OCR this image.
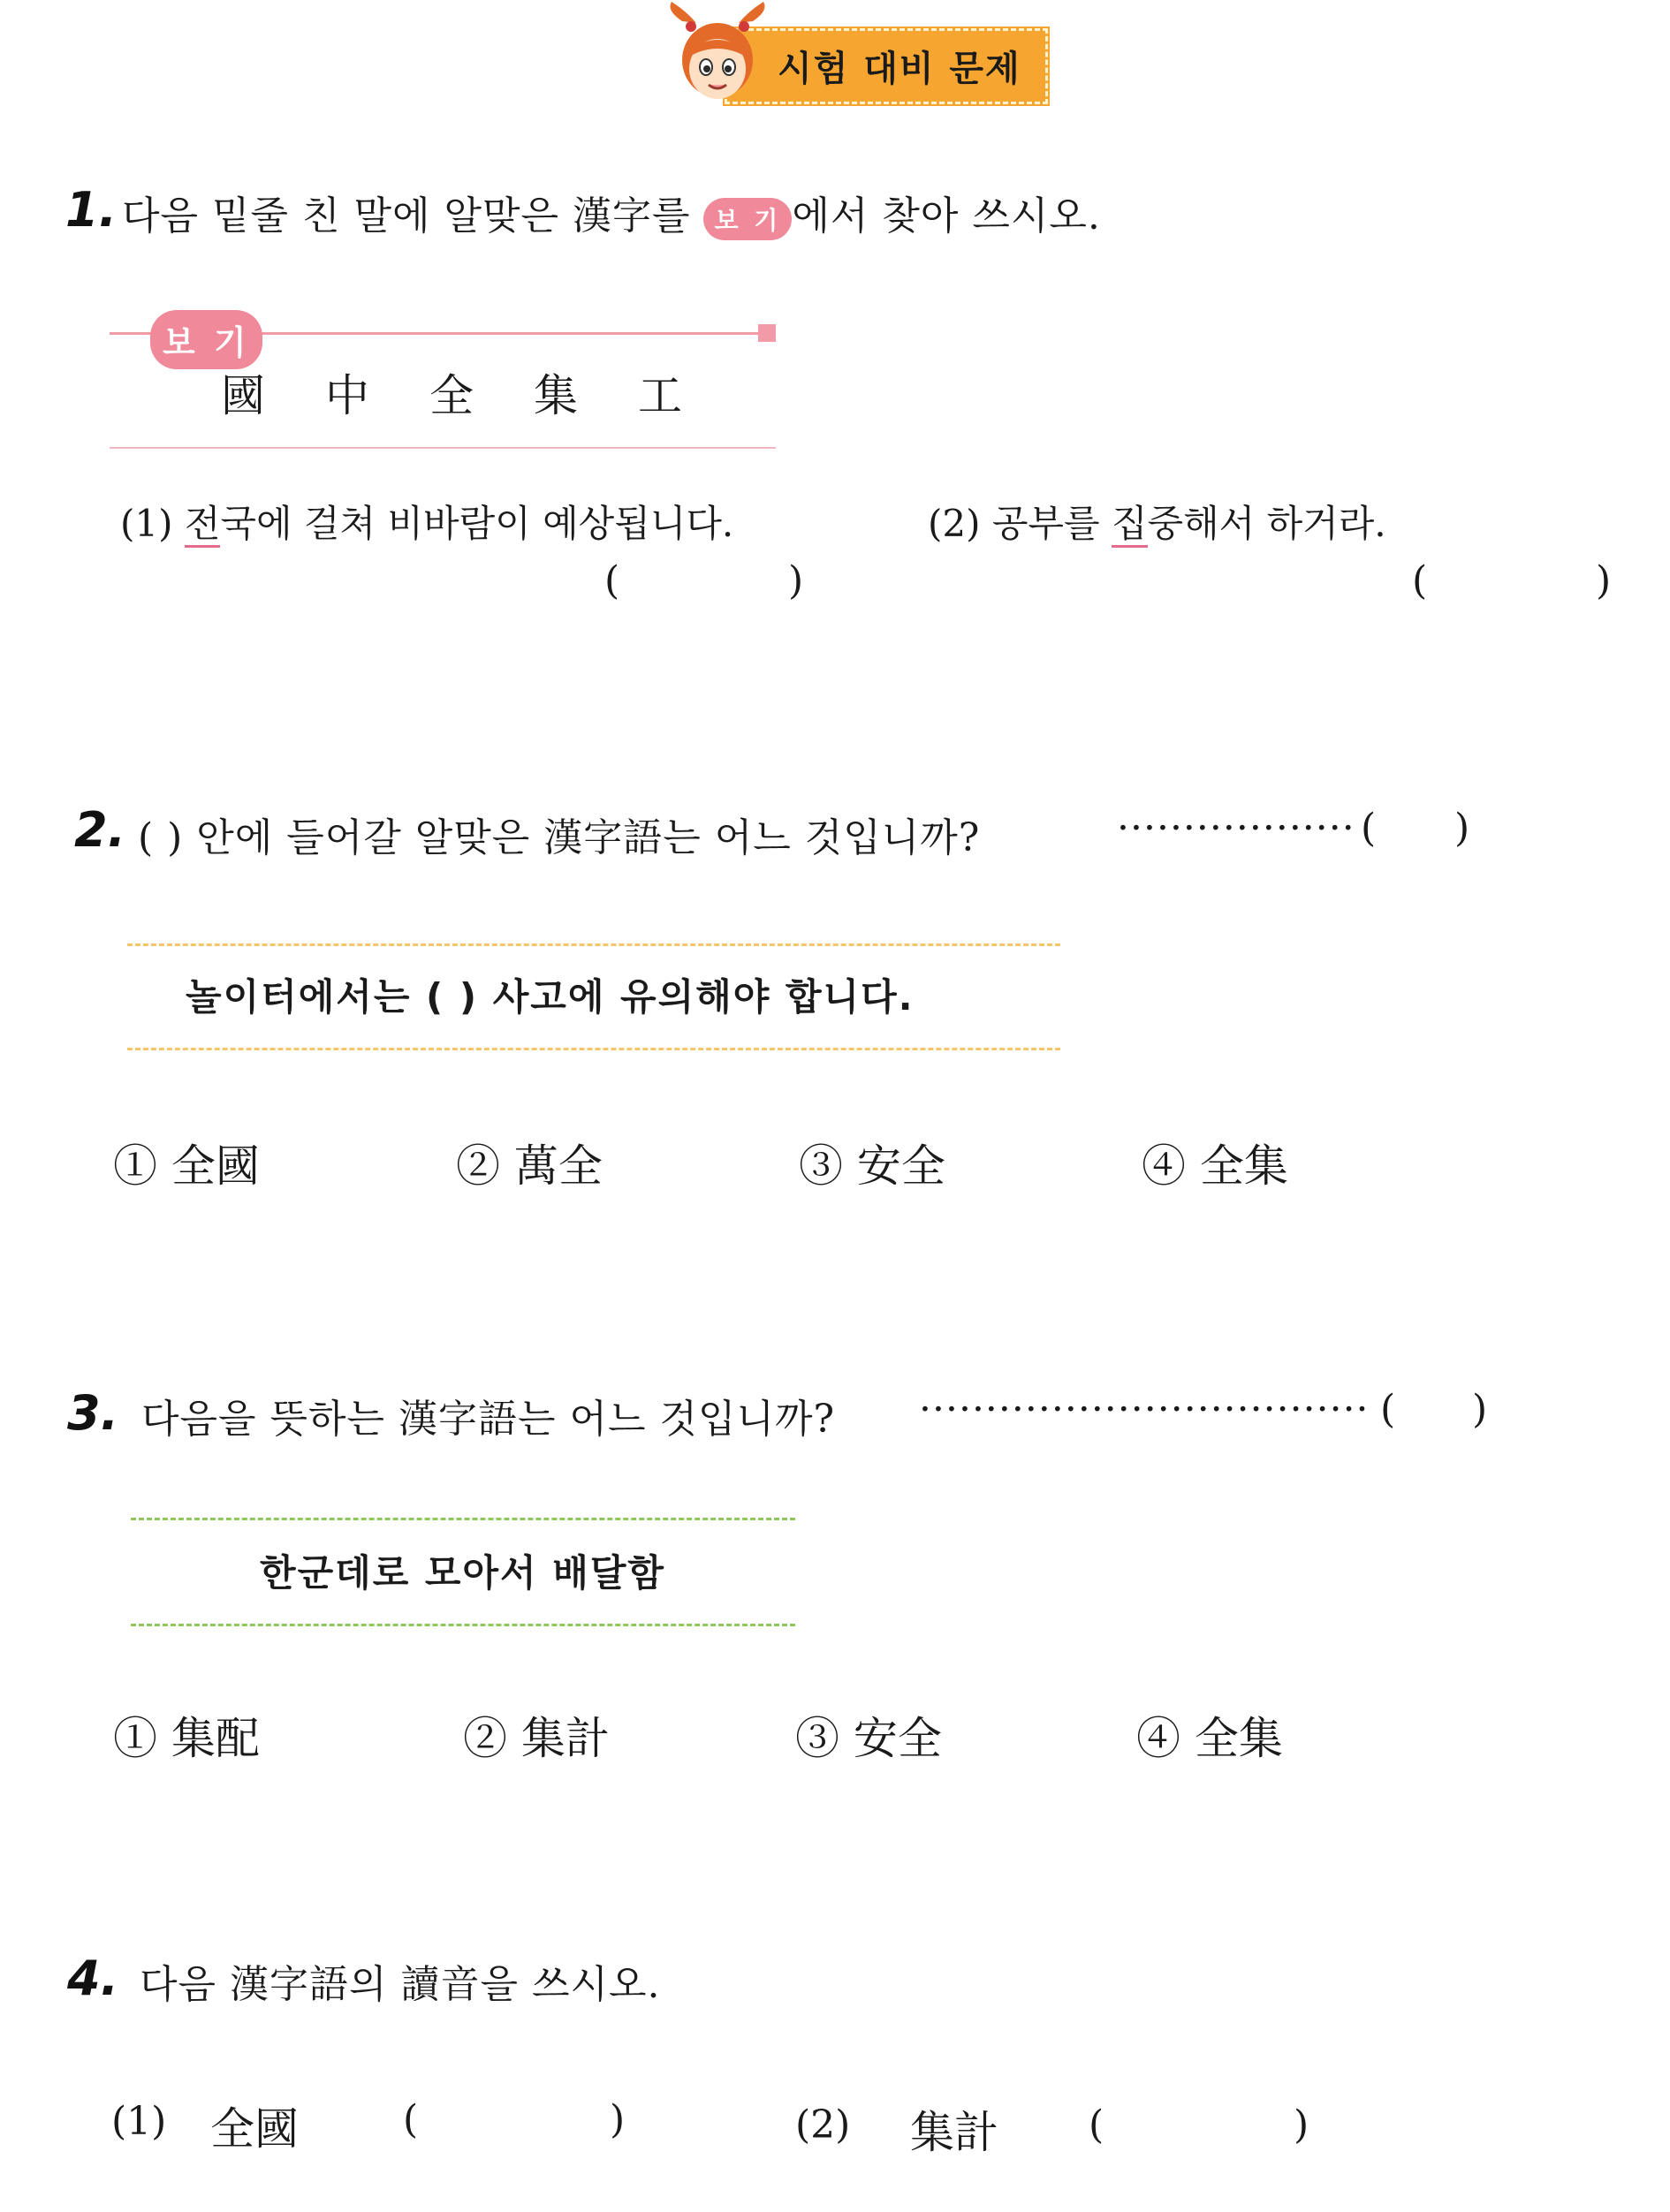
시험 대비 문제
1. 다음 밑줄 친 말에 알맞은 漢字를 보 기 에서 찾아 쓰시오.
보 기
國 中 全 集 工
(1) 전국에 걸쳐 비바람이 예상됩니다.
(	)
(2) 공부를 집중해서 하거라.
(	)
2. ( ) 안에 들어갈 알맞은 漢字語는 어느 것입니까?	·················· ( )
놀이터에서는 ( ) 사고에 유의해야 합니다.
① 全國	② 萬全	③ 安全	④ 全集
3. 다음을 뜻하는 漢字語는 어느 것입니까? ·································· ( )
한군데로 모아서 배달함
① 集配	② 集計	③ 安全	④ 全集
4. 다음 漢字語의 讀音을 쓰시오.
(1) 全國	(	)	(2) 集計 (	)
